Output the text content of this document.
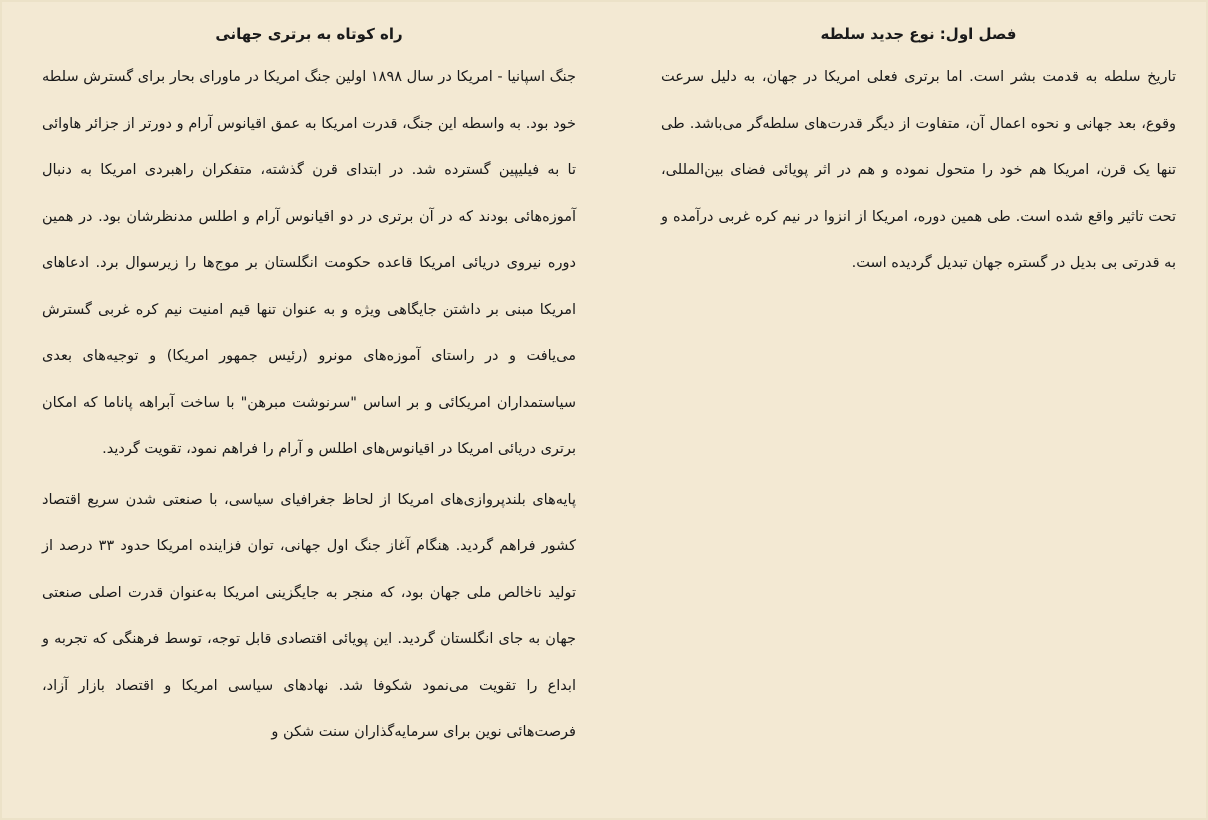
فصل اول: نوع جدید سلطه

تاریخ سلطه به قدمت بشر است. اما برتری فعلی امریکا در جهان، به دلیل سرعت وقوع، بعد جهانی و نحوه اعمال آن، متفاوت از دیگر قدرت‌های سلطه‌گر می‌باشد. طی تنها یک قرن، امریکا هم خود را متحول نموده و هم در اثر پویائی فضای بین‌المللی، تحت تاثیر واقع شده است. طی همین دوره، امریکا از انزوا در نیم کره غربی درآمده و به قدرتی بی بدیل در گستره جهان تبدیل گردیده است.

راه کوتاه به برتری جهانی

جنگ اسپانیا - امریکا در سال ۱۸۹۸ اولین جنگ امریکا در ماورای بحار برای گسترش سلطه خود بود. به واسطه این جنگ، قدرت امریکا به عمق اقیانوس آرام و دورتر از جزائر هاوائی تا به فیلیپین گسترده شد. در ابتدای قرن گذشته، متفکران راهبردی امریکا به دنبال آموزه‌هائی بودند که در آن برتری در دو اقیانوس آرام و اطلس مدنظرشان بود. در همین دوره نیروی دریائی امریکا قاعده حکومت انگلستان بر موج‌ها را زیرسوال برد. ادعاهای امریکا مبنی بر داشتن جایگاهی ویژه و به عنوان تنها قیم امنیت نیم کره غربی گسترش می‌یافت و در راستای آموزه‌های مونرو (رئیس جمهور امریکا) و توجیه‌های بعدی سیاستمداران امریکائی و بر اساس "سرنوشت مبرهن" با ساخت آبراهه پاناما که امکان برتری دریائی امریکا در اقیانوس‌های اطلس و آرام را فراهم نمود، تقویت گردید.

پایه‌های بلندپروازی‌های امریکا از لحاظ جغرافیای سیاسی، با صنعتی شدن سریع اقتصاد کشور فراهم گردید. هنگام آغاز جنگ اول جهانی، توان فزاینده امریکا حدود ۳۳ درصد از تولید ناخالص ملی جهان بود، که منجر به جایگزینی امریکا به‌عنوان قدرت اصلی صنعتی جهان به جای انگلستان گردید. این پویائی اقتصادی قابل توجه، توسط فرهنگی که تجربه و ابداع را تقویت می‌نمود شکوفا شد. نهادهای سیاسی امریکا و اقتصاد بازار آزاد، فرصت‌هائی نوین برای سرمایه‌گذاران سنت شکن و
